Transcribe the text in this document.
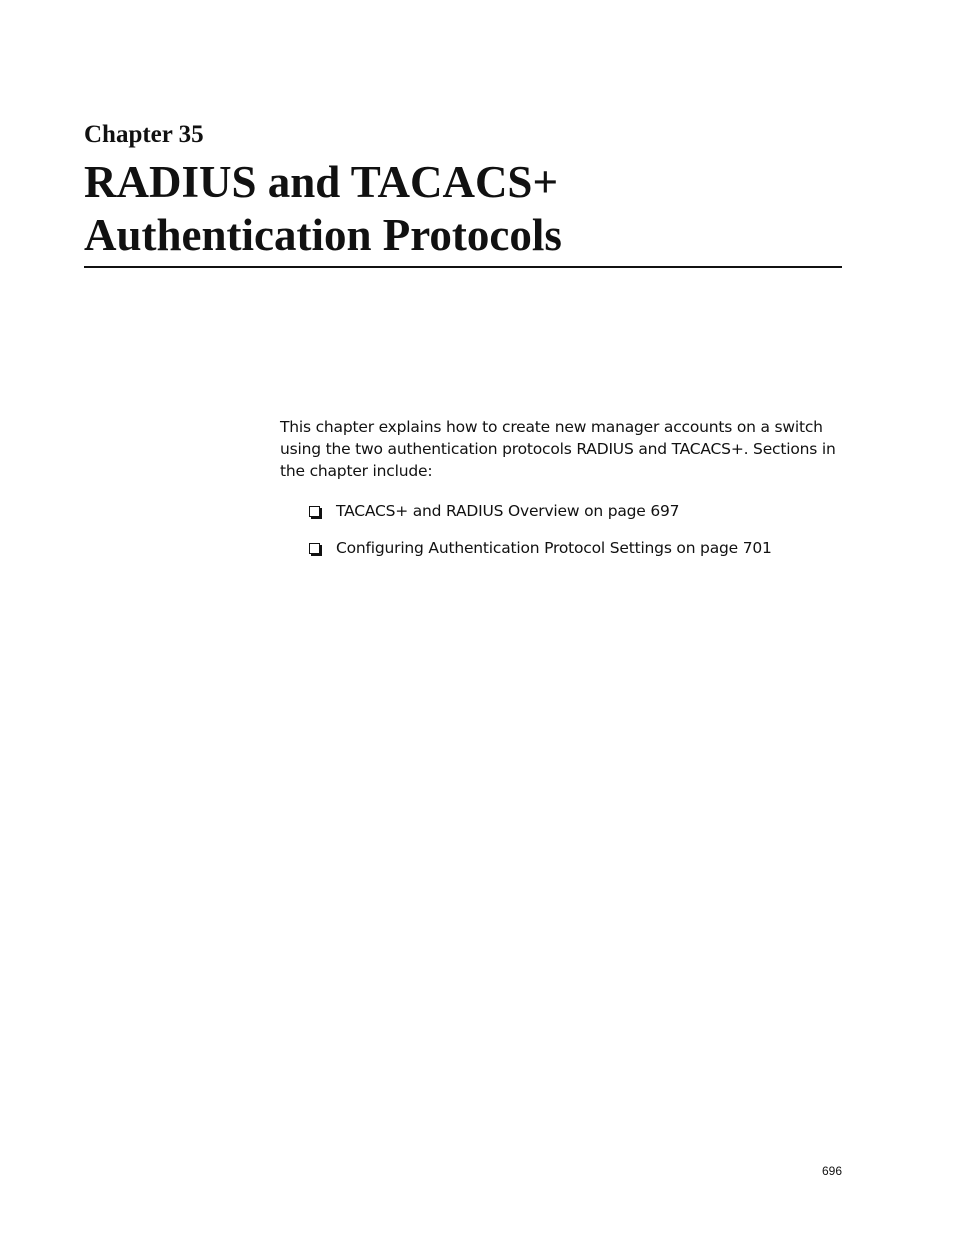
Chapter 35
RADIUS and TACACS+
Authentication Protocols

This chapter explains how to create new manager accounts on a switch using the two authentication protocols RADIUS and TACACS+. Sections in the chapter include:

TACACS+ and RADIUS Overview on page 697
Configuring Authentication Protocol Settings on page 701
696
